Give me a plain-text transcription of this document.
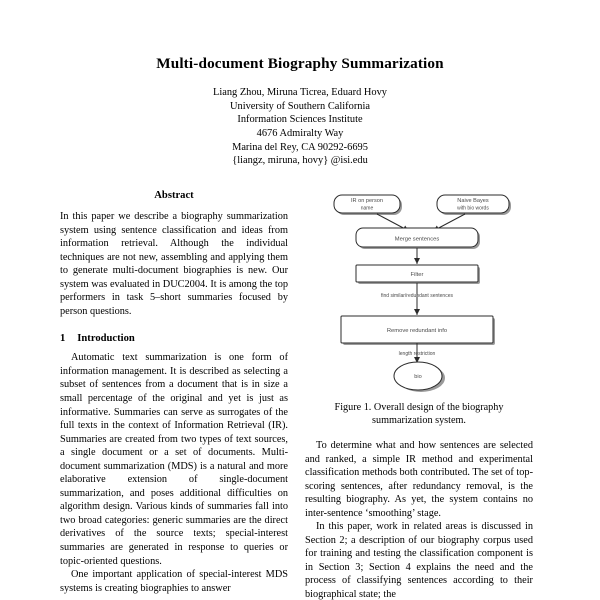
Multi-document Biography Summarization

Liang Zhou, Miruna Ticrea, Eduard Hovy

University of Southern California

Information Sciences Institute

4676 Admiralty Way

Marina del Rey, CA 90292-6695

{liangz, miruna, hovy} @isi.edu

Abstract

In this paper we describe a biography summarization system using sentence classification and ideas from information retrieval. Although the individual techniques are not new, assembling and applying them to generate multi-document biographies is new. Our system was evaluated in DUC2004. It is among the top performers in task 5–short summaries focused by person questions.

1 Introduction

Automatic text summarization is one form of information management. It is described as selecting a subset of sentences from a document that is in size a small percentage of the original and yet is just as informative. Summaries can serve as surrogates of the full texts in the context of Information Retrieval (IR). Summaries are created from two types of text sources, a single document or a set of documents. Multi-document summarization (MDS) is a natural and more elaborative extension of single-document summarization, and poses additional difficulties on algorithm design. Various kinds of summaries fall into two broad categories: generic summaries are the direct derivatives of the source texts; special-interest summaries are generated in response to queries or topic-oriented questions.

One important application of special-interest MDS systems is creating biographies to answer

IR on person
name
Naive Bayes
with bio words
Merge sentences
Filter
find similar/redundant sentences
Remove redundant info
length restriction
bio
Figure 1. Overall design of the biography
summarization system.

To determine what and how sentences are selected and ranked, a simple IR method and experimental classification methods both contributed. The set of top-scoring sentences, after redundancy removal, is the resulting biography. As yet, the system contains no inter-sentence ‘smoothing’ stage.

In this paper, work in related areas is discussed in Section 2; a description of our biography corpus used for training and testing the classification component is in Section 3; Section 4 explains the need and the process of classifying sentences according to their biographical state; the
